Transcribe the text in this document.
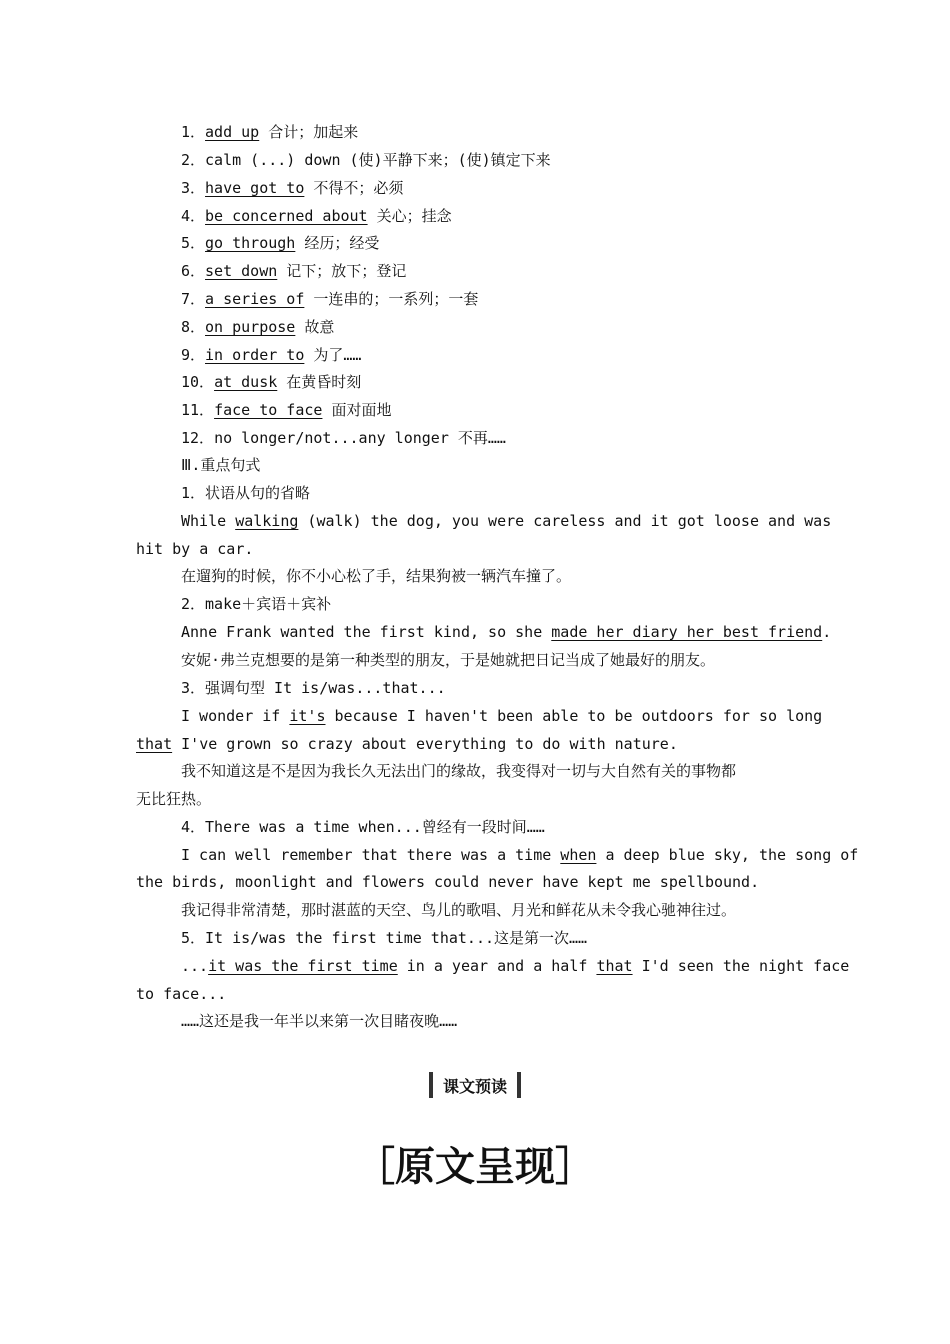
1．add up 合计；加起来
2．calm (...) down (使)平静下来；(使)镇定下来
3．have got to 不得不；必须
4．be concerned about 关心；挂念
5．go through 经历；经受
6．set down 记下；放下；登记
7．a series of 一连串的；一系列；一套
8．on purpose 故意
9．in order to 为了……
10．at dusk 在黄昏时刻
11．face to face 面对面地
12．no longer/not...any longer 不再……
Ⅲ.重点句式
1．状语从句的省略
While walking (walk) the dog, you were careless and it got loose and was
hit by a car.
在遛狗的时候，你不小心松了手，结果狗被一辆汽车撞了。
2．make＋宾语＋宾补
Anne Frank wanted the first kind, so she made her diary her best friend.
安妮·弗兰克想要的是第一种类型的朋友，于是她就把日记当成了她最好的朋友。
3．强调句型 It is/was...that...
I wonder if it's because I haven't been able to be outdoors for so long
that I've grown so crazy about everything to do with nature.
我不知道这是不是因为我长久无法出门的缘故，我变得对一切与大自然有关的事物都
无比狂热。
4．There was a time when...曾经有一段时间……
I can well remember that there was a time when a deep blue sky, the song of
the birds, moonlight and flowers could never have kept me spellbound.
我记得非常清楚，那时湛蓝的天空、鸟儿的歌唱、月光和鲜花从未令我心驰神往过。
5．It is/was the first time that...这是第一次……
...it was the first time in a year and a half that I'd seen the night face
to face...
……这还是我一年半以来第一次目睹夜晚……
课文预读
［原文呈现］
